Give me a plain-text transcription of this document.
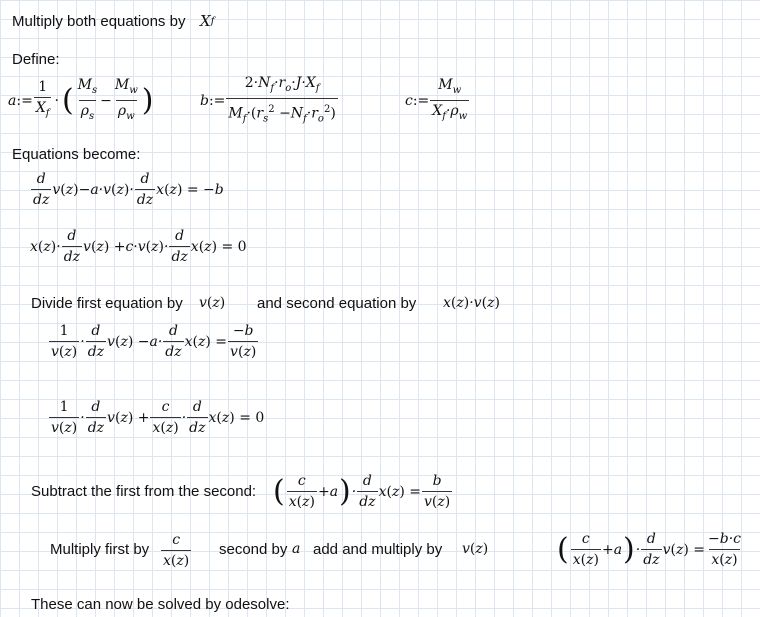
Multiply both equations by X f
Define:
a := $\frac{1}{X_f}$ · ( $\frac{M_s}{\rho_s} - \frac{M_w}{\rho_w}$ )	b := $\frac{2\cdot N_f\cdot r_o\cdot J\cdot X_f}{M_f\cdot(r_s^2 -N_f\cdot r_o^2)}$	c := $\frac{M_w}{X_f\cdot\rho_w}$
Equations become:
$\frac{d}{dz}$ v ( z ) − a·v ( z ) · $\frac{d}{dz}$ x ( z ) = − b
x ( z ) · $\frac{d}{dz}$ v ( z ) + c·v ( z ) · $\frac{d}{dz}$ x ( z ) = 0
Divide first equation by v ( z ) and second equation by x ( z ) ·v ( z )
$\frac{1}{v(z)} \cdot \frac{d}{dz}$ v ( z ) − $a\cdot \frac{d}{dz}$ x ( z ) = $\frac{-b}{v(z)}$
$\frac{1}{v(z)} \cdot \frac{d}{dz}$ v ( z ) + $\frac{c}{x(z)} \cdot \frac{d}{dz}$ x ( z ) = 0
Subtract the first from the second: ( $\frac{c}{x(z)} + a$ ) · $\frac{d}{dz}$ x ( z ) = $\frac{b}{v(z)}$
Multiply first by $\frac{c}{x(z)}$ second by a add and multiply by v ( z ) ( $\frac{c}{x(z)} + a$ ) · $\frac{d}{dz}$ v ( z ) = $\frac{-b\cdot c}{x(z)}$
These can now be solved by odesolve:
